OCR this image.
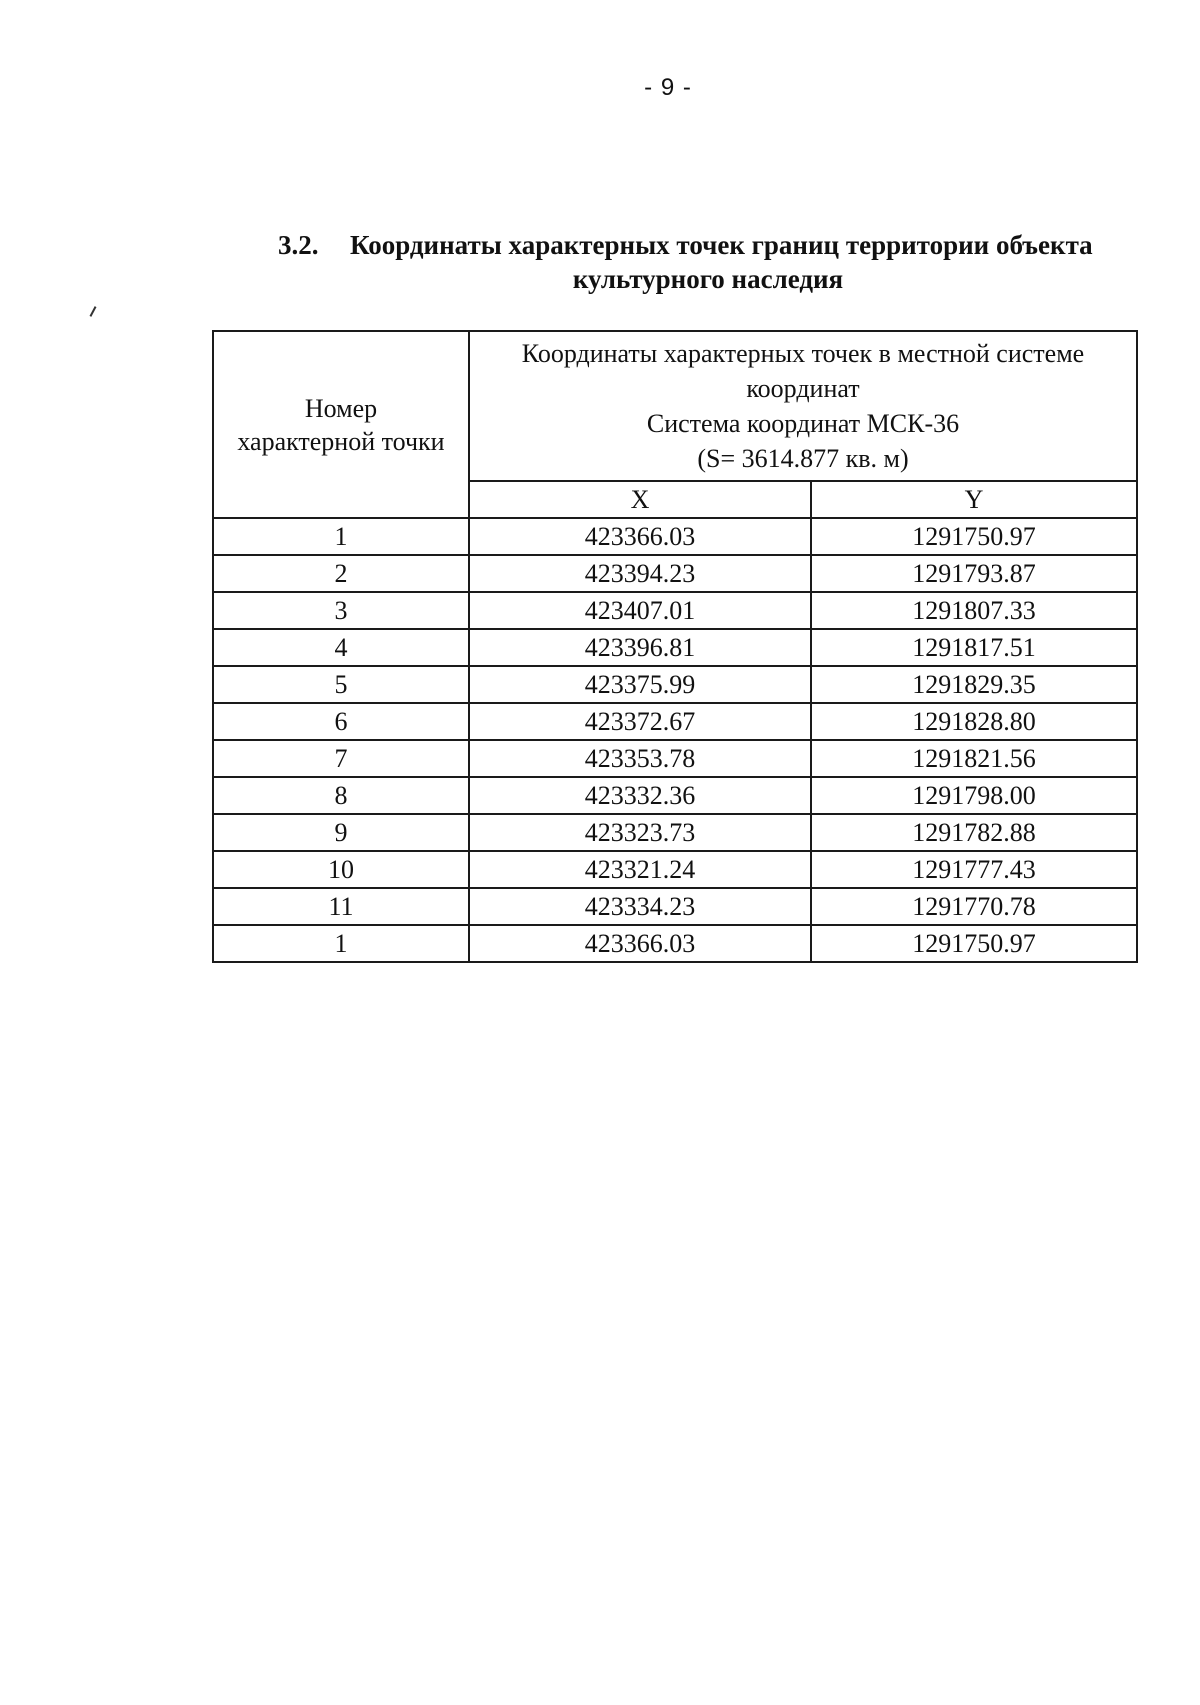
- 9 -
3.2. Координаты характерных точек границ территории объекта
культурного наследия
Номер
характерной точки	Координаты характерных точек в местной системе
координат
Система координат МСК-36
(S= 3614.877 кв. м)	

	X	Y
1	423366.03	1291750.97
2	423394.23	1291793.87
3	423407.01	1291807.33
4	423396.81	1291817.51
5	423375.99	1291829.35
6	423372.67	1291828.80
7	423353.78	1291821.56
8	423332.36	1291798.00
9	423323.73	1291782.88
10	423321.24	1291777.43
11	423334.23	1291770.78
1	423366.03	1291750.97
